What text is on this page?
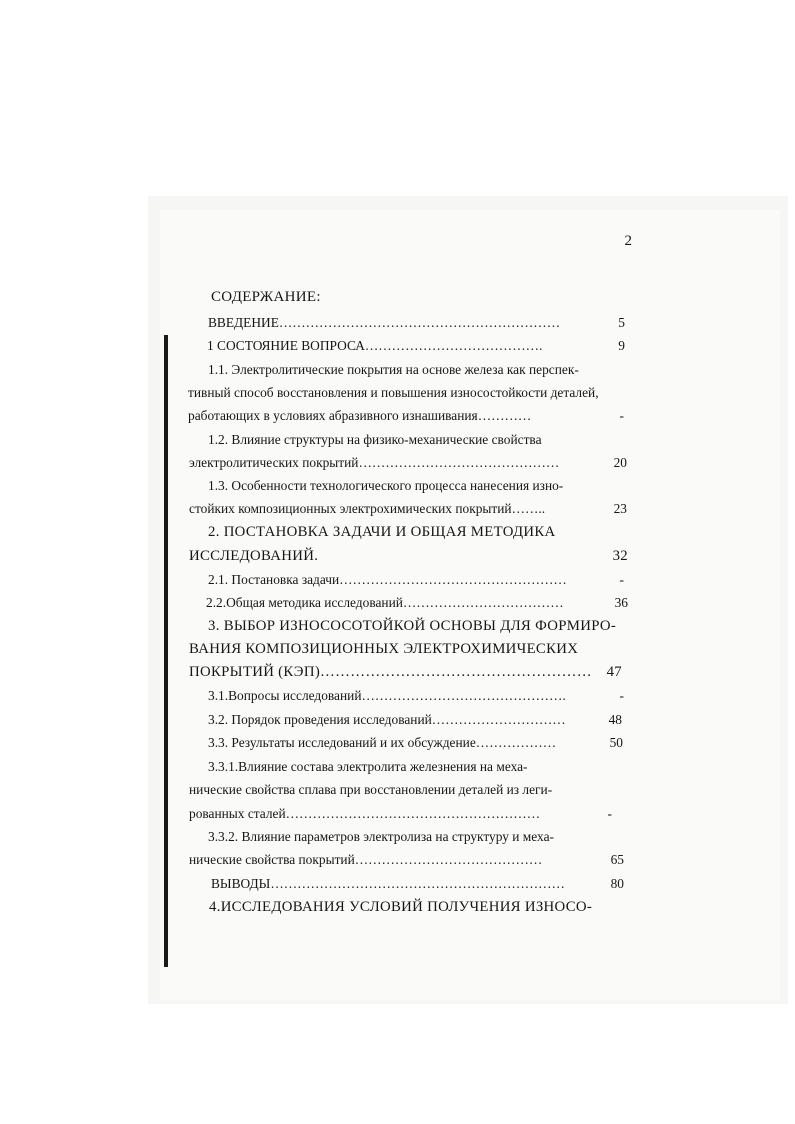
2
СОДЕРЖАНИЕ:
ВВЕДЕНИЕ………………………………………………………	5
1 СОСТОЯНИЕ ВОПРОСА………………………………….	9
1.1. Электролитические покрытия на основе железа как перспек-
тивный способ восстановления и повышения износостойкости деталей,
работающих в условиях абразивного изнашивания…………	-
1.2. Влияние структуры на физико-механические свойства
электролитических покрытий………………………………………	20
1.3. Особенности технологического процесса нанесения изно-
стойких композиционных электрохимических покрытий……..	23
2. ПОСТАНОВКА ЗАДАЧИ И ОБЩАЯ МЕТОДИКА
ИССЛЕДОВАНИЙ.	32
2.1. Постановка задачи……………………………………………	-
2.2.Общая методика исследований………………………………	36
3. ВЫБОР ИЗНОСОСОТОЙКОЙ ОСНОВЫ ДЛЯ ФОРМИРО-
ВАНИЯ КОМПОЗИЦИОННЫХ ЭЛЕКТРОХИМИЧЕСКИХ
ПОКРЫТИЙ (КЭП)……………………………………………… 47
3.1.Вопросы исследований……………………………………….	-
3.2. Порядок проведения исследований…………………………	48
3.3. Результаты исследований и их обсуждение………………	50
3.3.1.Влияние состава электролита железнения на меха-
нические свойства сплава при восстановлении деталей из леги-
рованных сталей…………………………………………………	-
3.3.2. Влияние параметров электролиза на структуру и меха-
нические свойства покрытий……………………………………	65
ВЫВОДЫ…………………………………………………………	80
4.ИССЛЕДОВАНИЯ УСЛОВИЙ ПОЛУЧЕНИЯ ИЗНОСО-
